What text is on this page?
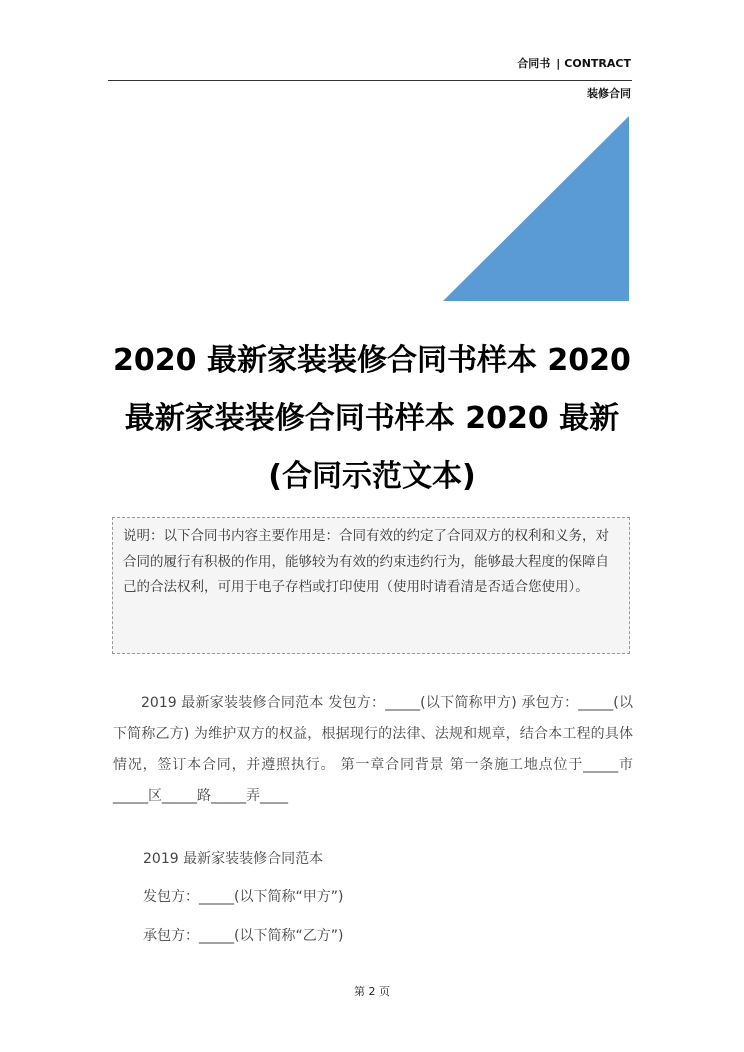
合同书 | CONTRACT
装修合同
2020 最新家装装修合同书样本 2020
最新家装装修合同书样本 2020 最新
(合同示范文本)
说明：以下合同书内容主要作用是：合同有效的约定了合同双方的权利和义务，对合同的履行有积极的作用，能够较为有效的约束违约行为，能够最大程度的保障自己的合法权利，可用于电子存档或打印使用（使用时请看清是否适合您使用）。
2019 最新家装装修合同范本 发包方：_____(以下简称甲方) 承包方：_____(以下简称乙方) 为维护双方的权益，根据现行的法律、法规和规章，结合本工程的具体情况，签订本合同，并遵照执行。 第一章合同背景 第一条施工地点位于_____市_____区_____路_____弄____
2019 最新家装装修合同范本
发包方：_____(以下简称“甲方”)
承包方：_____(以下简称“乙方”)
第 2 页
